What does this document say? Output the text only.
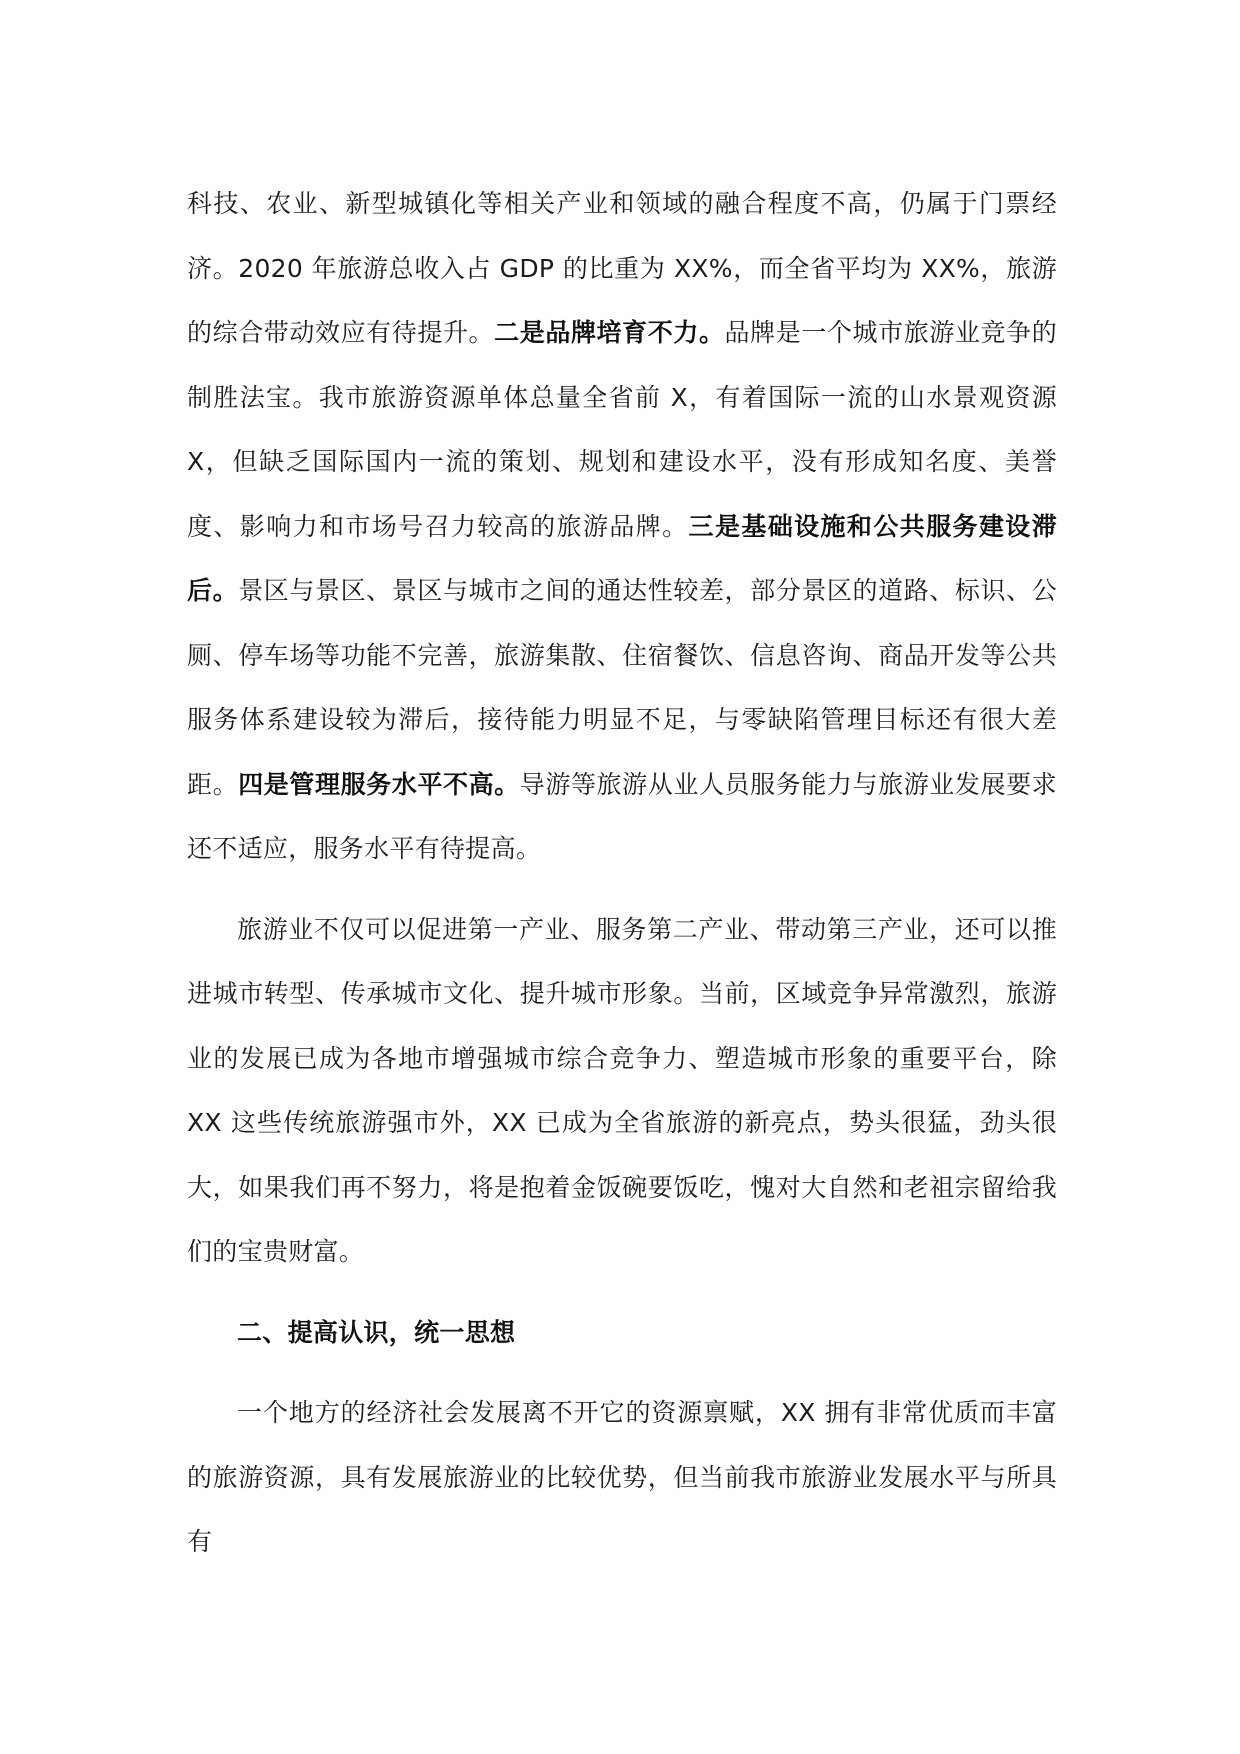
科技、农业、新型城镇化等相关产业和领域的融合程度不高，仍属于门票经济。2020 年旅游总收入占 GDP 的比重为 XX%，而全省平均为 XX%，旅游的综合带动效应有待提升。二是品牌培育不力。品牌是一个城市旅游业竞争的制胜法宝。我市旅游资源单体总量全省前 X，有着国际一流的山水景观资源 X，但缺乏国际国内一流的策划、规划和建设水平，没有形成知名度、美誉度、影响力和市场号召力较高的旅游品牌。三是基础设施和公共服务建设滞后。景区与景区、景区与城市之间的通达性较差，部分景区的道路、标识、公厕、停车场等功能不完善，旅游集散、住宿餐饮、信息咨询、商品开发等公共服务体系建设较为滞后，接待能力明显不足，与零缺陷管理目标还有很大差距。四是管理服务水平不高。导游等旅游从业人员服务能力与旅游业发展要求还不适应，服务水平有待提高。

旅游业不仅可以促进第一产业、服务第二产业、带动第三产业，还可以推进城市转型、传承城市文化、提升城市形象。当前，区域竞争异常激烈，旅游业的发展已成为各地市增强城市综合竞争力、塑造城市形象的重要平台，除 XX 这些传统旅游强市外，XX 已成为全省旅游的新亮点，势头很猛，劲头很大，如果我们再不努力，将是抱着金饭碗要饭吃，愧对大自然和老祖宗留给我们的宝贵财富。

二、提高认识，统一思想

一个地方的经济社会发展离不开它的资源禀赋，XX 拥有非常优质而丰富的旅游资源，具有发展旅游业的比较优势，但当前我市旅游业发展水平与所具有
